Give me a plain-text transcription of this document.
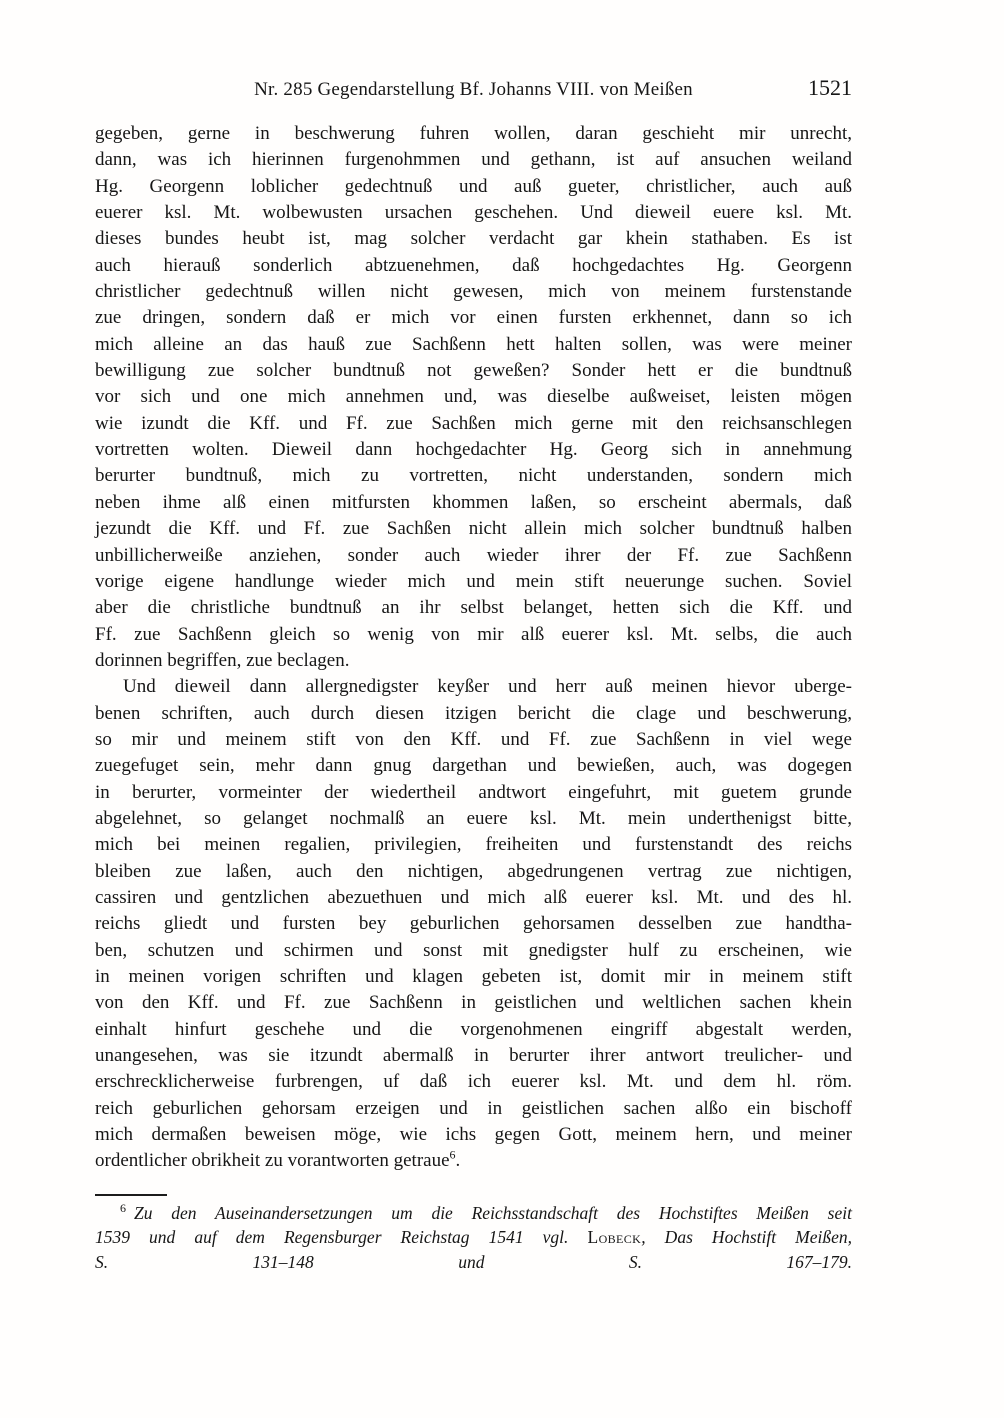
Nr. 285 Gegendarstellung Bf. Johanns VIII. von Meißen	1521
gegeben, gerne in beschwerung fuhren wollen, daran geschieht mir unrecht,
dann, was ich hierinnen furgenohmmen und gethann, ist auf ansuchen weiland
Hg. Georgenn loblicher gedechtnuß und auß gueter, christlicher, auch auß
euerer ksl. Mt. wolbewusten ursachen geschehen. Und dieweil euere ksl. Mt.
dieses bundes heubt ist, mag solcher verdacht gar khein stathaben. Es ist
auch hierauß sonderlich abtzuenehmen, daß hochgedachtes Hg. Georgenn
christlicher gedechtnuß willen nicht gewesen, mich von meinem furstenstande
zue dringen, sondern daß er mich vor einen fursten erkhennet, dann so ich
mich alleine an das hauß zue Sachßenn hett halten sollen, was were meiner
bewilligung zue solcher bundtnuß not geweßen? Sonder hett er die bundtnuß
vor sich und one mich annehmen und, was dieselbe außweiset, leisten mögen
wie izundt die Kff. und Ff. zue Sachßen mich gerne mit den reichsanschlegen
vortretten wolten. Dieweil dann hochgedachter Hg. Georg sich in annehmung
berurter bundtnuß, mich zu vortretten, nicht understanden, sondern mich
neben ihme alß einen mitfursten khommen laßen, so erscheint abermals, daß
jezundt die Kff. und Ff. zue Sachßen nicht allein mich solcher bundtnuß halben
unbillicherweiße anziehen, sonder auch wieder ihrer der Ff. zue Sachßenn
vorige eigene handlunge wieder mich und mein stift neuerunge suchen. Soviel
aber die christliche bundtnuß an ihr selbst belanget, hetten sich die Kff. und
Ff. zue Sachßenn gleich so wenig von mir alß euerer ksl. Mt. selbs, die auch
dorinnen begriffen, zue beclagen.
Und dieweil dann allergnedigster keyßer und herr auß meinen hievor uberge-
benen schriften, auch durch diesen itzigen bericht die clage und beschwerung,
so mir und meinem stift von den Kff. und Ff. zue Sachßenn in viel wege
zuegefuget sein, mehr dann gnug dargethan und bewießen, auch, was dogegen
in berurter, vormeinter der wiedertheil andtwort eingefuhrt, mit guetem grunde
abgelehnet, so gelanget nochmalß an euere ksl. Mt. mein underthenigst bitte,
mich bei meinen regalien, privilegien, freiheiten und furstenstandt des reichs
bleiben zue laßen, auch den nichtigen, abgedrungenen vertrag zue nichtigen,
cassiren und gentzlichen abezuethuen und mich alß euerer ksl. Mt. und des hl.
reichs gliedt und fursten bey geburlichen gehorsamen desselben zue handtha-
ben, schutzen und schirmen und sonst mit gnedigster hulf zu erscheinen, wie
in meinen vorigen schriften und klagen gebeten ist, domit mir in meinem stift
von den Kff. und Ff. zue Sachßenn in geistlichen und weltlichen sachen khein
einhalt hinfurt geschehe und die vorgenohmenen eingriff abgestalt werden,
unangesehen, was sie itzundt abermalß in berurter ihrer antwort treulicher- und
erschrecklicherweise furbrengen, uf daß ich euerer ksl. Mt. und dem hl. röm.
reich geburlichen gehorsam erzeigen und in geistlichen sachen alßo ein bischoff
mich dermaßen beweisen möge, wie ichs gegen Gott, meinem hern, und meiner
ordentlicher obrikheit zu vorantworten getraue$^6$.
$^6$ Zu den Auseinandersetzungen um die Reichsstandschaft des Hochstiftes Meißen seit
1539 und auf dem Regensburger Reichstag 1541 vgl. Lobeck, Das Hochstift Meißen,
S. 131–148 und S. 167–179.
